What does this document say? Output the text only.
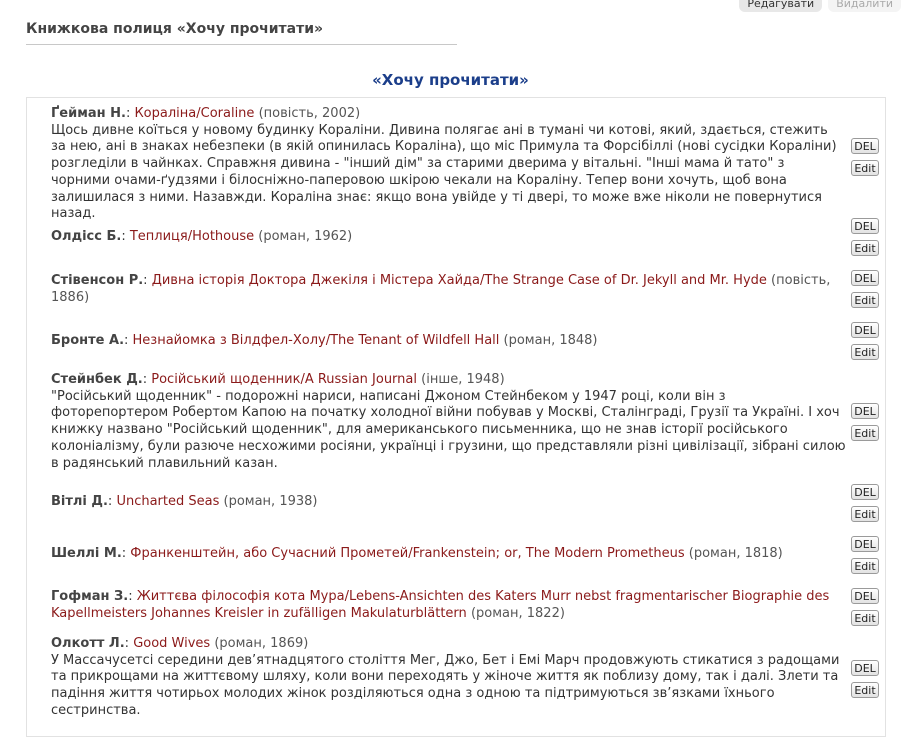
Редагувати	Видалити
Книжкова полиця «Хочу прочитати»
«Хочу прочитати»
Ґейман Н.: Кораліна/Coraline (повість, 2002)
Щось дивне коїться у новому будинку Кораліни. Дивина полягає ані в тумані чи котові, який, здається, стежить за нею, ані в знаках небезпеки (в якій опинилась Кораліна), що міс Примула та Форсібіллі (нові сусідки Кораліни) розгледіли в чайнках. Справжня дивина - "інший дім" за старими дверима у вітальні. "Інші мама й тато" з чорними очами-ґудзями і білосніжно-паперовою шкірою чекали на Кораліну. Тепер вони хочуть, щоб вона залишилася з ними. Назавжди. Кораліна знає: якщо вона увійде у ті двері, то може вже ніколи не повернутися назад.
DEL
Edit
Олдісс Б.: Теплиця/Hothouse (роман, 1962)
DEL
Edit
Стівенсон Р.: Дивна історія Доктора Джекіля і Містера Хайда/The Strange Case of Dr. Jekyll and Mr. Hyde (повість, 1886)
DEL
Edit
Бронте А.: Незнайомка з Вілдфел-Холу/The Tenant of Wildfell Hall (роман, 1848)
DEL
Edit
Стейнбек Д.: Російський щоденник/A Russian Journal (інше, 1948)
"Російський щоденник" - подорожні нариси, написані Джоном Стейнбеком у 1947 році, коли він з фоторепортером Робертом Капою на початку холодної війни побував у Москві, Сталінграді, Грузії та Україні. І хоч книжку названо "Російський щоденник", для американського письменника, що не знав історії російського колоніалізму, були разюче несхожими росіяни, українці і грузини, що представляли різні цивілізації, зібрані силою в радянський плавильний казан.
DEL
Edit
Вітлі Д.: Uncharted Seas (роман, 1938)
DEL
Edit
Шеллі М.: Франкенштейн, або Сучасний Прометей/Frankenstein; or, The Modern Prometheus (роман, 1818)
DEL
Edit
Гофман З.: Життєва філософія кота Мура/Lebens-Ansichten des Katers Murr nebst fragmentarischer Biographie des Kapellmeisters Johannes Kreisler in zufälligen Makulaturblättern (роман, 1822)
DEL
Edit
Олкотт Л.: Good Wives (роман, 1869)
У Массачусетсі середини дев’ятнадцятого століття Мег, Джо, Бет і Емі Марч продовжують стикатися з радощами та прикрощами на життєвому шляху, коли вони переходять у жіноче життя як поблизу дому, так і далі. Злети та падіння життя чотирьох молодих жінок розділяються одна з одною та підтримуються зв’язками їхнього сестринства.
DEL
Edit
